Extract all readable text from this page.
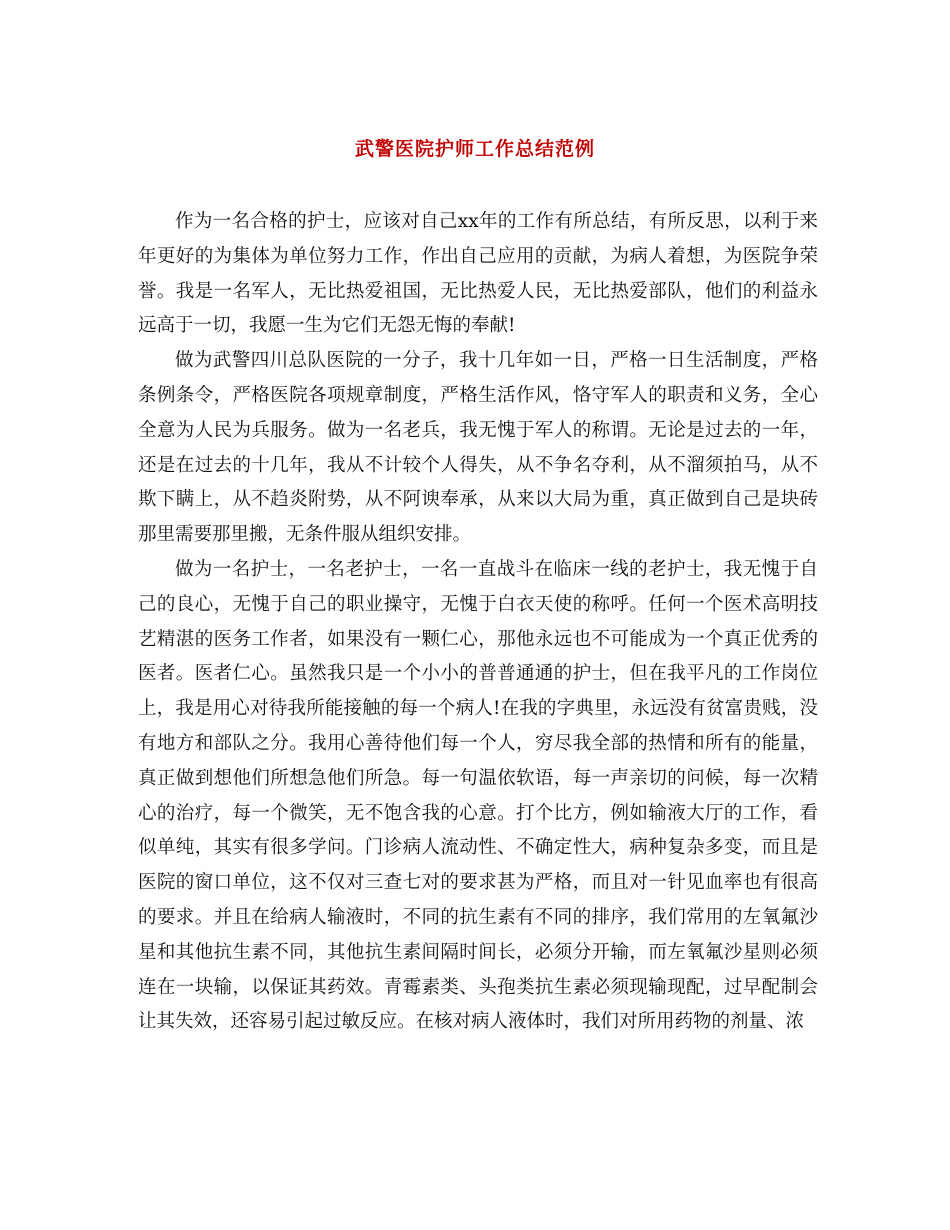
武警医院护师工作总结范例

作为一名合格的护士，应该对自己xx年的工作有所总结，有所反思，以利于来年更好的为集体为单位努力工作，作出自己应用的贡献，为病人着想，为医院争荣誉。我是一名军人，无比热爱祖国，无比热爱人民，无比热爱部队，他们的利益永远高于一切，我愿一生为它们无怨无悔的奉献!

做为武警四川总队医院的一分子，我十几年如一日，严格一日生活制度，严格条例条令，严格医院各项规章制度，严格生活作风，恪守军人的职责和义务，全心全意为人民为兵服务。做为一名老兵，我无愧于军人的称谓。无论是过去的一年，还是在过去的十几年，我从不计较个人得失，从不争名夺利，从不溜须拍马，从不欺下瞒上，从不趋炎附势，从不阿谀奉承，从来以大局为重，真正做到自己是块砖那里需要那里搬，无条件服从组织安排。

做为一名护士，一名老护士，一名一直战斗在临床一线的老护士，我无愧于自己的良心，无愧于自己的职业操守，无愧于白衣天使的称呼。任何一个医术高明技艺精湛的医务工作者，如果没有一颗仁心，那他永远也不可能成为一个真正优秀的医者。医者仁心。虽然我只是一个小小的普普通通的护士，但在我平凡的工作岗位上，我是用心对待我所能接触的每一个病人!在我的字典里，永远没有贫富贵贱，没有地方和部队之分。我用心善待他们每一个人，穷尽我全部的热情和所有的能量，真正做到想他们所想急他们所急。每一句温依软语，每一声亲切的问候，每一次精心的治疗，每一个微笑，无不饱含我的心意。打个比方，例如输液大厅的工作，看似单纯，其实有很多学问。门诊病人流动性、不确定性大，病种复杂多变，而且是医院的窗口单位，这不仅对三查七对的要求甚为严格，而且对一针见血率也有很高的要求。并且在给病人输液时，不同的抗生素有不同的排序，我们常用的左氧氟沙星和其他抗生素不同，其他抗生素间隔时间长，必须分开输，而左氧氟沙星则必须连在一块输，以保证其药效。青霉素类、头孢类抗生素必须现输现配，过早配制会让其失效，还容易引起过敏反应。在核对病人液体时，我们对所用药物的剂量、浓
